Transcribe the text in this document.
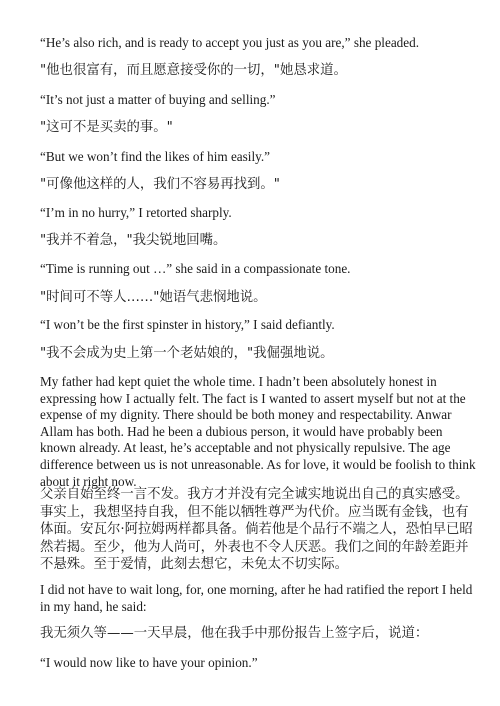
“He’s also rich, and is ready to accept you just as you are,” she pleaded.

"他也很富有，而且愿意接受你的一切，"她恳求道。

“It’s not just a matter of buying and selling.”

"这可不是买卖的事。"

“But we won’t find the likes of him easily.”

"可像他这样的人，我们不容易再找到。"

“I’m in no hurry,” I retorted sharply.

"我并不着急，"我尖锐地回嘴。

“Time is running out …” she said in a compassionate tone.

"时间可不等人……"她语气悲悯地说。

“I won’t be the first spinster in history,” I said defiantly.

"我不会成为史上第一个老姑娘的，"我倔强地说。

My father had kept quiet the whole time. I hadn’t been absolutely honest in expressing how I actually felt. The fact is I wanted to assert myself but not at the expense of my dignity. There should be both money and respectability. Anwar Allam has both. Had he been a dubious person, it would have probably been known already. At least, he’s acceptable and not physically repulsive. The age difference between us is not unreasonable. As for love, it would be foolish to think about it right now.

父亲自始至终一言不发。我方才并没有完全诚实地说出自己的真实感受。事实上，我想坚持自我，但不能以牺牲尊严为代价。应当既有金钱，也有体面。安瓦尔·阿拉姆两样都具备。倘若他是个品行不端之人，恐怕早已昭然若揭。至少，他为人尚可，外表也不令人厌恶。我们之间的年龄差距并不悬殊。至于爱情，此刻去想它，未免太不切实际。

I did not have to wait long, for, one morning, after he had ratified the report I held in my hand, he said:

我无须久等——一天早晨，他在我手中那份报告上签字后，说道：

“I would now like to have your opinion.”
